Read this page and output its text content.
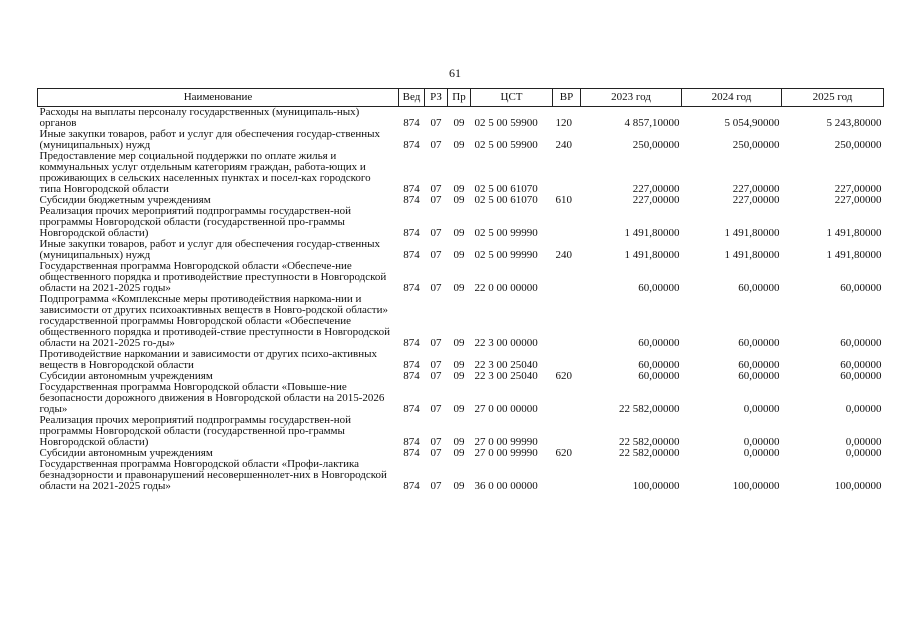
61
Наименование	Вед	РЗ	Пр	ЦСТ	ВР	2023 год	2024 год	2025 год
Расходы на выплаты персоналу государственных (муниципаль-ных) органов	874	07	09	02 5 00 59900	120	4 857,10000	5 054,90000	5 243,80000
Иные закупки товаров, работ и услуг для обеспечения государ-ственных (муниципальных) нужд	874	07	09	02 5 00 59900	240	250,00000	250,00000	250,00000
Предоставление мер социальной поддержки по оплате жилья и коммунальных услуг отдельным категориям граждан, работа-ющих и проживающих в сельских населенных пунктах и посел-ках городского типа Новгородской области	874	07	09	02 5 00 61070		227,00000	227,00000	227,00000
Субсидии бюджетным учреждениям	874	07	09	02 5 00 61070	610	227,00000	227,00000	227,00000
Реализация прочих мероприятий подпрограммы государствен-ной программы Новгородской области (государственной про-граммы Новгородской области)	874	07	09	02 5 00 99990		1 491,80000	1 491,80000	1 491,80000
Иные закупки товаров, работ и услуг для обеспечения государ-ственных (муниципальных) нужд	874	07	09	02 5 00 99990	240	1 491,80000	1 491,80000	1 491,80000
Государственная программа Новгородской области «Обеспече-ние общественного порядка и противодействие преступности в Новгородской области на 2021-2025 годы»	874	07	09	22 0 00 00000		60,00000	60,00000	60,00000
Подпрограмма «Комплексные меры противодействия наркома-нии и зависимости от других психоактивных веществ в Новго-родской области» государственной программы Новгородской области «Обеспечение общественного порядка и противодей-ствие преступности в Новгородской области на 2021-2025 го-ды»	874	07	09	22 3 00 00000		60,00000	60,00000	60,00000
Противодействие наркомании и зависимости от других психо-активных веществ в Новгородской области	874	07	09	22 3 00 25040		60,00000	60,00000	60,00000
Субсидии автономным учреждениям	874	07	09	22 3 00 25040	620	60,00000	60,00000	60,00000
Государственная программа Новгородской области «Повыше-ние безопасности дорожного движения в Новгородской области на 2015-2026 годы»	874	07	09	27 0 00 00000		22 582,00000	0,00000	0,00000
Реализация прочих мероприятий подпрограммы государствен-ной программы Новгородской области (государственной про-граммы Новгородской области)	874	07	09	27 0 00 99990		22 582,00000	0,00000	0,00000
Субсидии автономным учреждениям	874	07	09	27 0 00 99990	620	22 582,00000	0,00000	0,00000
Государственная программа Новгородской области «Профи-лактика безнадзорности и правонарушений несовершеннолет-них в Новгородской области на 2021-2025 годы»	874	07	09	36 0 00 00000		100,00000	100,00000	100,00000
